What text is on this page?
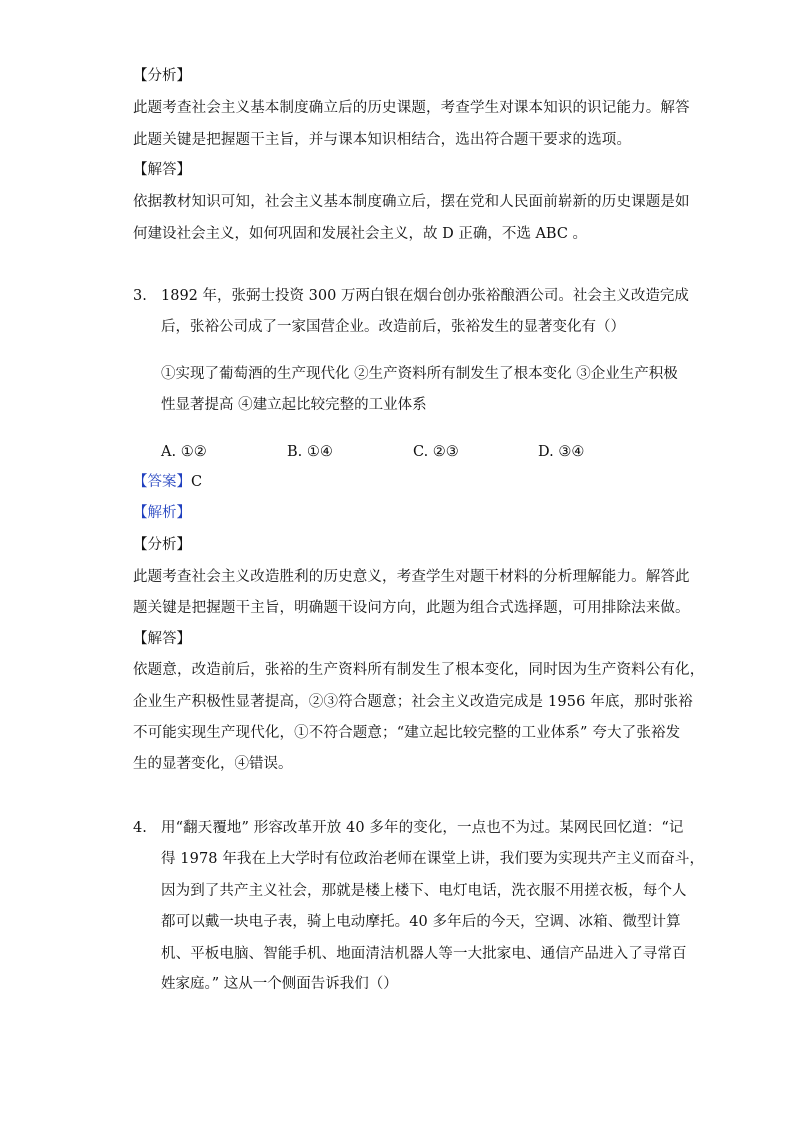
【分析】
此题考查社会主义基本制度确立后的历史课题，考查学生对课本知识的识记能力。解答
此题关键是把握题干主旨，并与课本知识相结合，选出符合题干要求的选项。
【解答】
依据教材知识可知，社会主义基本制度确立后，摆在党和人民面前崭新的历史课题是如
何建设社会主义，如何巩固和发展社会主义，故 D 正确，不选 ABC 。
3. 1892 年，张弼士投资 300 万两白银在烟台创办张裕酿酒公司。社会主义改造完成
后，张裕公司成了一家国营企业。改造前后，张裕发生的显著变化有（）
①实现了葡萄酒的生产现代化 ②生产资料所有制发生了根本变化 ③企业生产积极
性显著提高 ④建立起比较完整的工业体系
A. ①②	B. ①④	C. ②③	D. ③④
【答案】C
【解析】
【分析】
此题考查社会主义改造胜利的历史意义，考查学生对题干材料的分析理解能力。解答此
题关键是把握题干主旨，明确题干设问方向，此题为组合式选择题，可用排除法来做。
【解答】
依题意，改造前后，张裕的生产资料所有制发生了根本变化，同时因为生产资料公有化，
企业生产积极性显著提高，②③符合题意；社会主义改造完成是 1956 年底，那时张裕
不可能实现生产现代化，①不符合题意；“建立起比较完整的工业体系” 夸大了张裕发
生的显著变化，④错误。
4. 用“翻天覆地” 形容改革开放 40 多年的变化，一点也不为过。某网民回忆道：“记
得 1978 年我在上大学时有位政治老师在课堂上讲，我们要为实现共产主义而奋斗，
因为到了共产主义社会，那就是楼上楼下、电灯电话，洗衣服不用搓衣板，每个人
都可以戴一块电子表，骑上电动摩托。40 多年后的今天，空调、冰箱、微型计算
机、平板电脑、智能手机、地面清洁机器人等一大批家电、通信产品进入了寻常百
姓家庭。” 这从一个侧面告诉我们（）
